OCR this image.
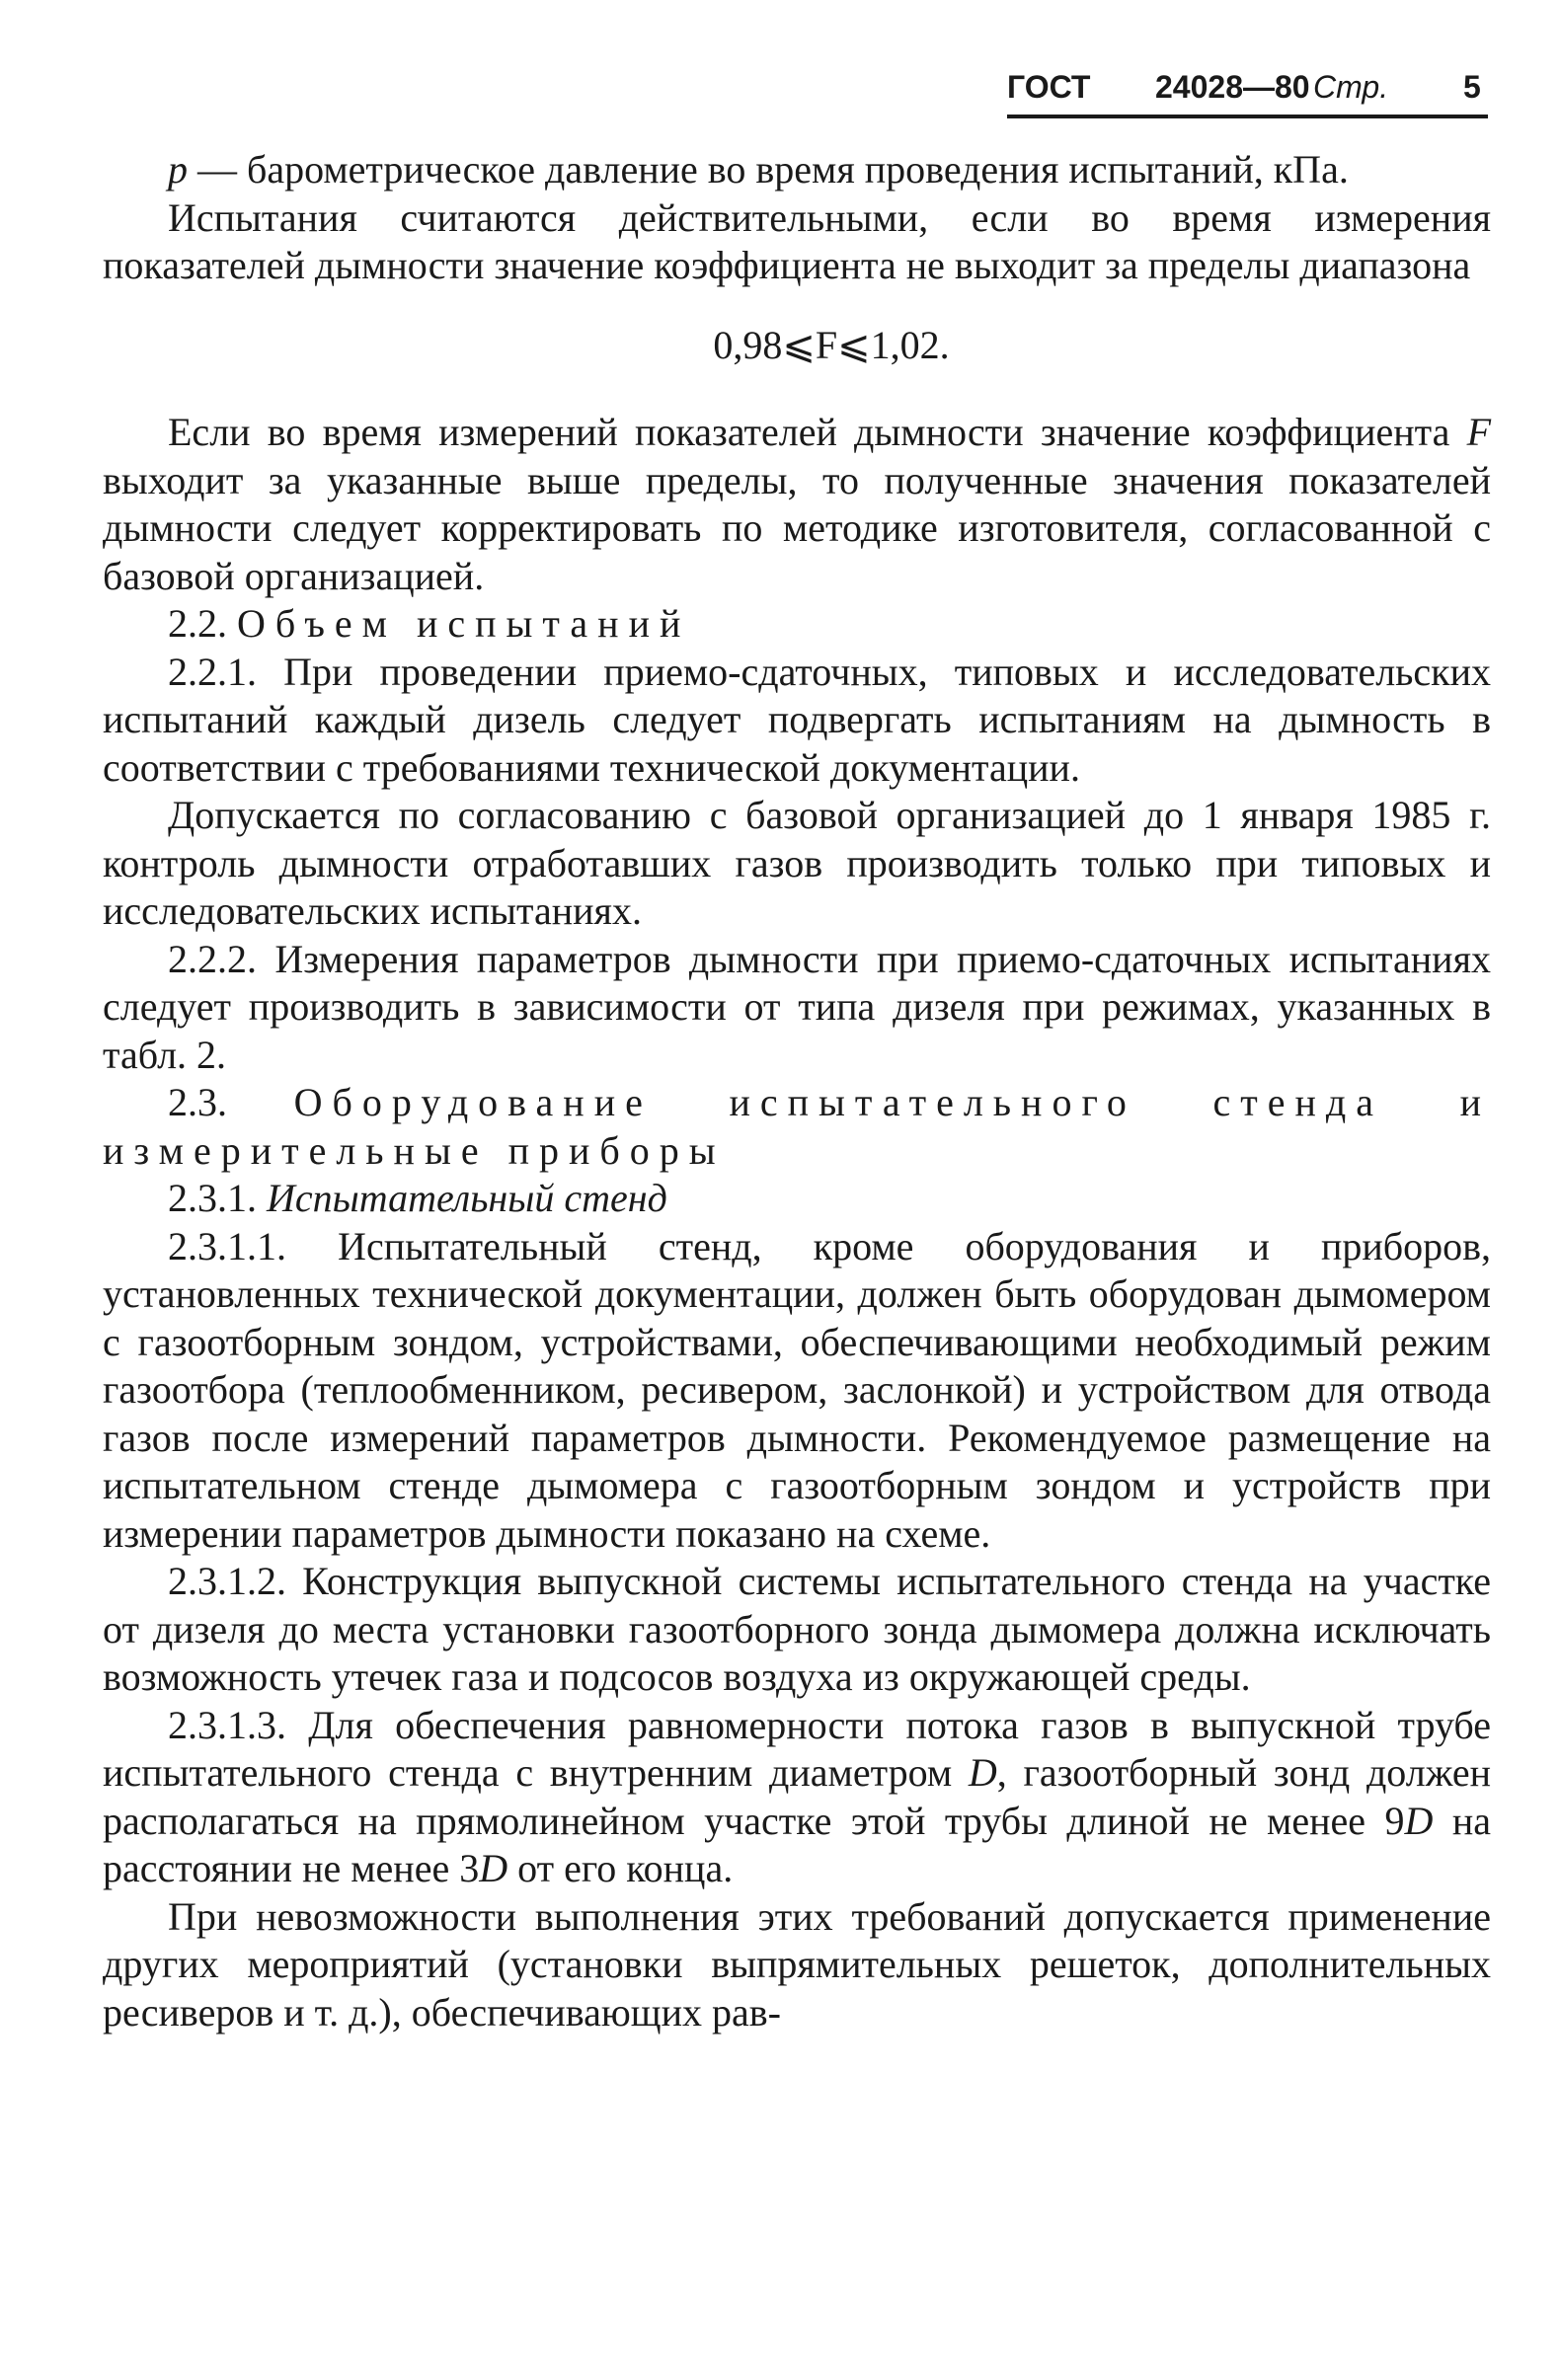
ГОСТ 24028—80 Стр. 5

p — барометрическое давление во время проведения испытаний, кПа.

Испытания считаются действительными, если во время измерения показателей дымности значение коэффициента не выходит за пределы диапазона

0,98⩽F⩽1,02.

Если во время измерений показателей дымности значение коэффициента F выходит за указанные выше пределы, то полученные значения показателей дымности следует корректировать по методике изготовителя, согласованной с базовой организацией.

2.2. Объем испытаний

2.2.1. При проведении приемо-сдаточных, типовых и исследовательских испытаний каждый дизель следует подвергать испытаниям на дымность в соответствии с требованиями технической документации.

Допускается по согласованию с базовой организацией до 1 января 1985 г. контроль дымности отработавших газов производить только при типовых и исследовательских испытаниях.

2.2.2. Измерения параметров дымности при приемо-сдаточных испытаниях следует производить в зависимости от типа дизеля при режимах, указанных в табл. 2.

2.3. Оборудование испытательного стенда и измерительные приборы

2.3.1. Испытательный стенд

2.3.1.1. Испытательный стенд, кроме оборудования и приборов, установленных технической документации, должен быть оборудован дымомером с газоотборным зондом, устройствами, обеспечивающими необходимый режим газоотбора (теплообменником, ресивером, заслонкой) и устройством для отвода газов после измерений параметров дымности. Рекомендуемое размещение на испытательном стенде дымомера с газоотборным зондом и устройств при измерении параметров дымности показано на схеме.

2.3.1.2. Конструкция выпускной системы испытательного стенда на участке от дизеля до места установки газоотборного зонда дымомера должна исключать возможность утечек газа и подсосов воздуха из окружающей среды.

2.3.1.3. Для обеспечения равномерности потока газов в выпускной трубе испытательного стенда с внутренним диаметром D, газоотборный зонд должен располагаться на прямолинейном участке этой трубы длиной не менее 9D на расстоянии не менее 3D от его конца.

При невозможности выполнения этих требований допускается применение других мероприятий (установки выпрямительных решеток, дополнительных ресиверов и т. д.), обеспечивающих рав-
